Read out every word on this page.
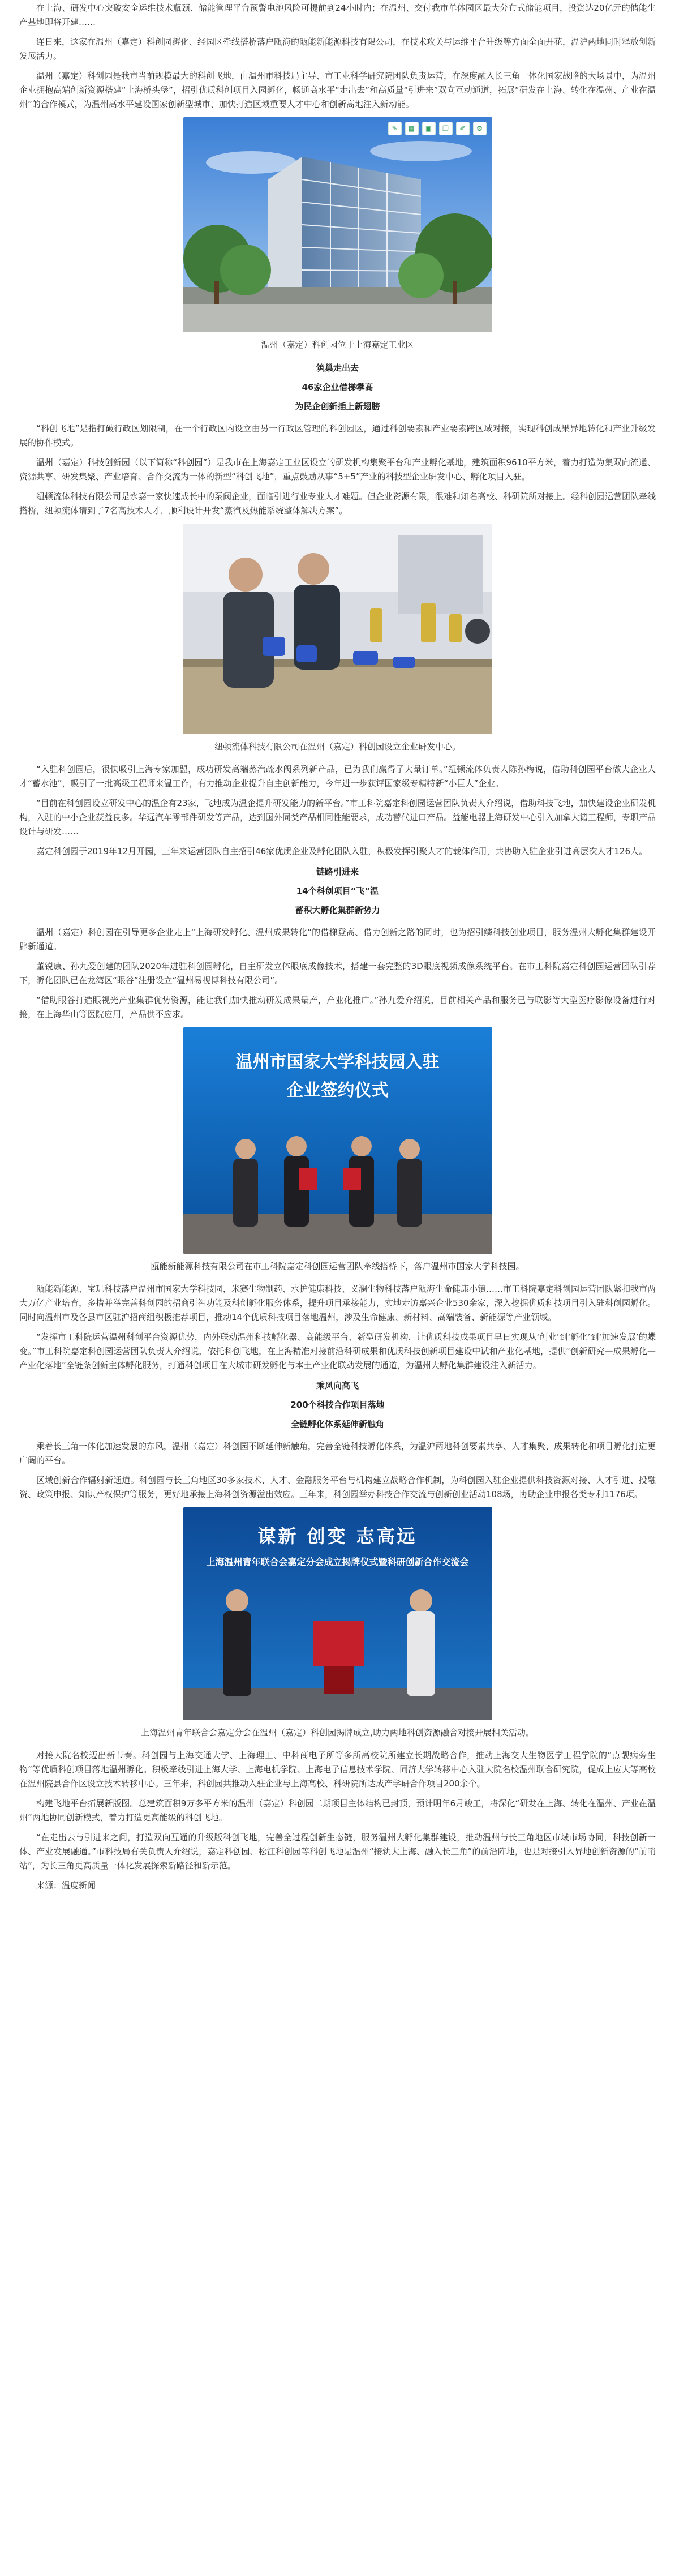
在上海、研发中心突破安全运维技术瓶颈、储能管理平台预警电池风险可提前到24小时内；在温州、交付我市单体园区最大分布式储能项目，投资达20亿元的储能生产基地即将开建……

连日来，这家在温州（嘉定）科创园孵化、经园区牵线搭桥落户瓯海的瓯能新能源科技有限公司，在技术攻关与运维平台升级等方面全面开花，温沪两地同时释放创新发展活力。

温州（嘉定）科创园是我市当前规模最大的科创飞地，由温州市科技局主导、市工业科学研究院团队负责运营，在深度融入长三角一体化国家战略的大场景中，为温州企业拥抱高端创新资源搭建“上海桥头堡”，招引优质科创项目入园孵化，畅通高水平“走出去”和高质量“引进来”双向互动通道，拓展“研发在上海、转化在温州、产业在温州”的合作模式，为温州高水平建设国家创新型城市、加快打造区域重要人才中心和创新高地注入新动能。

✎	▦	▣	❐	✐	⚙
温州（嘉定）科创园位于上海嘉定工业区
筑巢走出去
46家企业借梯攀高
为民企创新插上新翅膀

“科创飞地”是指打破行政区划限制，在一个行政区内设立由另一行政区管理的科创园区，通过科创要素和产业要素跨区域对接，实现科创成果异地转化和产业升级发展的协作模式。

温州（嘉定）科技创新园（以下简称“科创园”）是我市在上海嘉定工业区设立的研发机构集聚平台和产业孵化基地，建筑面积9610平方米，着力打造为集双向流通、资源共享、研发集聚、产业培育、合作交流为一体的新型“科创飞地”，重点鼓励从事“5+5”产业的科技型企业研发中心、孵化项目入驻。

纽顿流体科技有限公司是永嘉一家快速成长中的泵阀企业，面临引进行业专业人才难题。但企业资源有限，很难和知名高校、科研院所对接上。经科创园运营团队牵线搭桥，纽顿流体请到了7名高技术人才，顺利设计开发“蒸汽及热能系统整体解决方案”。

纽顿流体科技有限公司在温州（嘉定）科创园设立企业研发中心。

“入驻科创园后，很快吸引上海专家加盟，成功研发高端蒸汽疏水阀系列新产品，已为我们赢得了大量订单。”纽顿流体负责人陈孙梅说，借助科创园平台做大企业人才“蓄水池”，吸引了一批高级工程师来温工作，有力推动企业提升自主创新能力，今年进一步获评国家级专精特新“小巨人”企业。

“目前在科创园设立研发中心的温企有23家，飞地成为温企提升研发能力的新平台。”市工科院嘉定科创园运营团队负责人介绍说，借助科技飞地，加快建设企业研发机构，入驻的中小企业获益良多。华远汽车零部件研发等产品，达到国外同类产品相同性能要求，成功替代进口产品。益能电器上海研发中心引入加拿大籍工程师，专职产品设计与研发……

嘉定科创园于2019年12月开园，三年来运营团队自主招引46家优质企业及孵化团队入驻，积极发挥引聚人才的载体作用，共协助入驻企业引进高层次人才126人。

链路引进来
14个科创项目“飞”温
蓄积大孵化集群新势力

温州（嘉定）科创园在引导更多企业走上“上海研发孵化、温州成果转化”的借梯登高、借力创新之路的同时，也为招引鳞科技创业项目，服务温州大孵化集群建设开辟新通道。

董锐康、孙九爱创建的团队2020年进驻科创园孵化，自主研发立体眼底成像技术，搭建一套完整的3D眼底视频成像系统平台。在市工科院嘉定科创园运营团队引荐下，孵化团队已在龙湾区“眼谷”注册设立“温州易视博科技有限公司”。

“借助眼谷打造眼视光产业集群优势资源，能让我们加快推动研发成果量产，产业化推广。”孙九爱介绍说，目前相关产品和服务已与联影等大型医疗影像设备进行对接，在上海华山等医院应用，产品供不应求。

温州市国家大学科技园入驻
企业签约仪式
瓯能新能源科技有限公司在市工科院嘉定科创园运营团队牵线搭桥下，落户温州市国家大学科技园。

瓯能新能源、宝玑科技落户温州市国家大学科技园，米赛生物制药、水护健康科技、义澜生物科技落户瓯海生命健康小镇……市工科院嘉定科创园运营团队紧扣我市两大万亿产业培育，多措并举完善科创园的招商引智功能及科创孵化服务体系，提升项目承接能力，实地走访嘉兴企业530余家，深入挖掘优质科技项目引入驻科创园孵化。同时向温州市及各县市区驻沪招商组积极推荐项目，推动14个优质科技项目落地温州，涉及生命健康、新材料、高端装备、新能源等产业领域。

“发挥市工科院运营温州科创平台资源优势，内外联动温州科技孵化器、高能级平台、新型研发机构，让优质科技成果项目早日实现从‘创业’到‘孵化’到‘加速发展’的蝶变。”市工科院嘉定科创园运营团队负责人介绍说，依托科创飞地，在上海精准对接前沿科研成果和优质科技创新项目建设中试和产业化基地，提供“创新研究—成果孵化—产业化落地”全链条创新主体孵化服务，打通科创项目在大城市研发孵化与本土产业化联动发展的通道，为温州大孵化集群建设注入新活力。

乘风向高飞
200个科技合作项目落地
全链孵化体系延伸新触角

乘着长三角一体化加速发展的东风，温州（嘉定）科创园不断延伸新触角，完善全链科技孵化体系，为温沪两地科创要素共享、人才集聚、成果转化和项目孵化打造更广阔的平台。

区域创新合作辐射新通道。科创园与长三角地区30多家技术、人才、金融服务平台与机构建立战略合作机制，为科创园入驻企业提供科技资源对接、人才引进、投融资、政策申报、知识产权保护等服务，更好地承接上海科创资源溢出效应。三年来，科创园举办科技合作交流与创新创业活动108场，协助企业申报各类专利1176项。

谋新 创变 志高远
上海温州青年联合会嘉定分会成立揭牌仪式暨科研创新合作交流会
上海温州青年联合会嘉定分会在温州（嘉定）科创园揭牌成立,助力两地科创资源融合对接开展相关活动。

对接大院名校迈出新节奏。科创园与上海交通大学、上海理工、中科商电子所等多所高校院所建立长期战略合作，推动上海交大生物医学工程学院的“点靓病旁生物”等优质科创项目落地温州孵化。积极牵线引进上海大学、上海电机学院、上海电子信息技术学院、同济大学转移中心入驻大院名校温州联合研究院，促成上应大等高校在温州院县合作区设立技术转移中心。三年来，科创园共推动入驻企业与上海高校、科研院所达成产学研合作项目200余个。

构建飞地平台拓展新版图。总建筑面积9万多平方米的温州（嘉定）科创园二期项目主体结构已封顶，预计明年6月竣工，将深化“研发在上海、转化在温州、产业在温州”两地协同创新模式，着力打造更高能级的科创飞地。

“在走出去与引进来之间，打造双向互通的升级版科创飞地，完善全过程创新生态链，服务温州大孵化集群建设，推动温州与长三角地区市域市场协同，科技创新一体、产业发展融通。”市科技局有关负责人介绍说，嘉定科创园、松江科创园等科创飞地是温州“接轨大上海、融入长三角”的前沿阵地，也是对接引入异地创新资源的“前哨站”，为长三角更高质量一体化发展探索新路径和新示范。

来源：温度新闻
